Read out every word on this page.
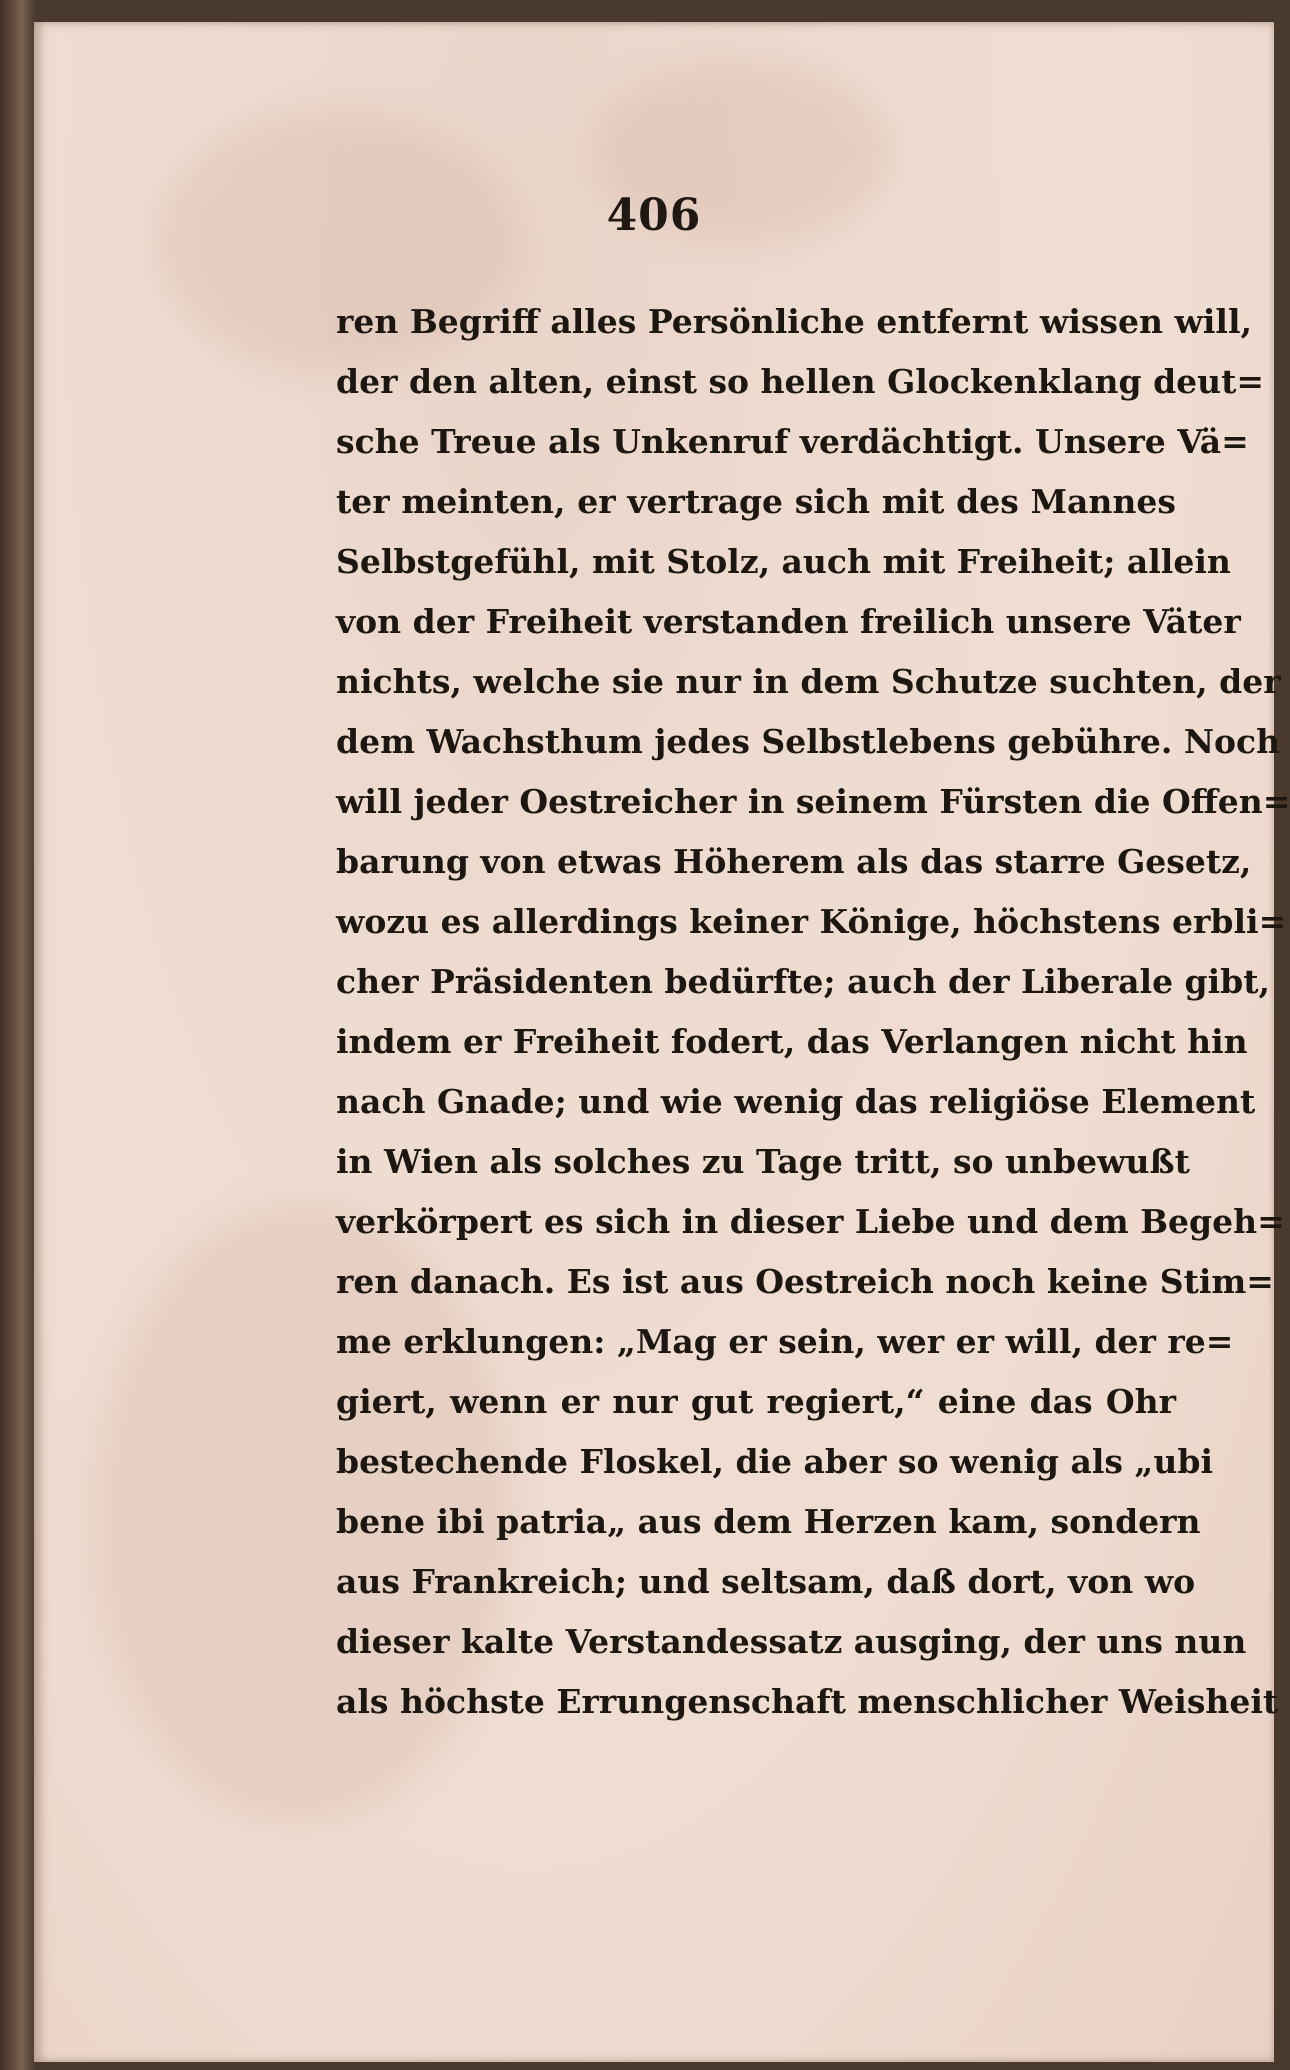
406
ren Begriff alles Persönliche entfernt wissen will,
der den alten, einst so hellen Glockenklang deut=
sche Treue als Unkenruf verdächtigt. Unsere Vä=
ter meinten, er vertrage sich mit des Mannes
Selbstgefühl, mit Stolz, auch mit Freiheit; allein
von der Freiheit verstanden freilich unsere Väter
nichts, welche sie nur in dem Schutze suchten, der
dem Wachsthum jedes Selbstlebens gebühre. Noch
will jeder Oestreicher in seinem Fürsten die Offen=
barung von etwas Höherem als das starre Gesetz,
wozu es allerdings keiner Könige, höchstens erbli=
cher Präsidenten bedürfte; auch der Liberale gibt,
indem er Freiheit fodert, das Verlangen nicht hin
nach Gnade; und wie wenig das religiöse Element
in Wien als solches zu Tage tritt, so unbewußt
verkörpert es sich in dieser Liebe und dem Begeh=
ren danach. Es ist aus Oestreich noch keine Stim=
me erklungen: „Mag er sein, wer er will, der re=
giert, wenn er nur gut regiert,“ eine das Ohr
bestechende Floskel, die aber so wenig als „ubi
bene ibi patria„ aus dem Herzen kam, sondern
aus Frankreich; und seltsam, daß dort, von wo
dieser kalte Verstandessatz ausging, der uns nun
als höchste Errungenschaft menschlicher Weisheit
